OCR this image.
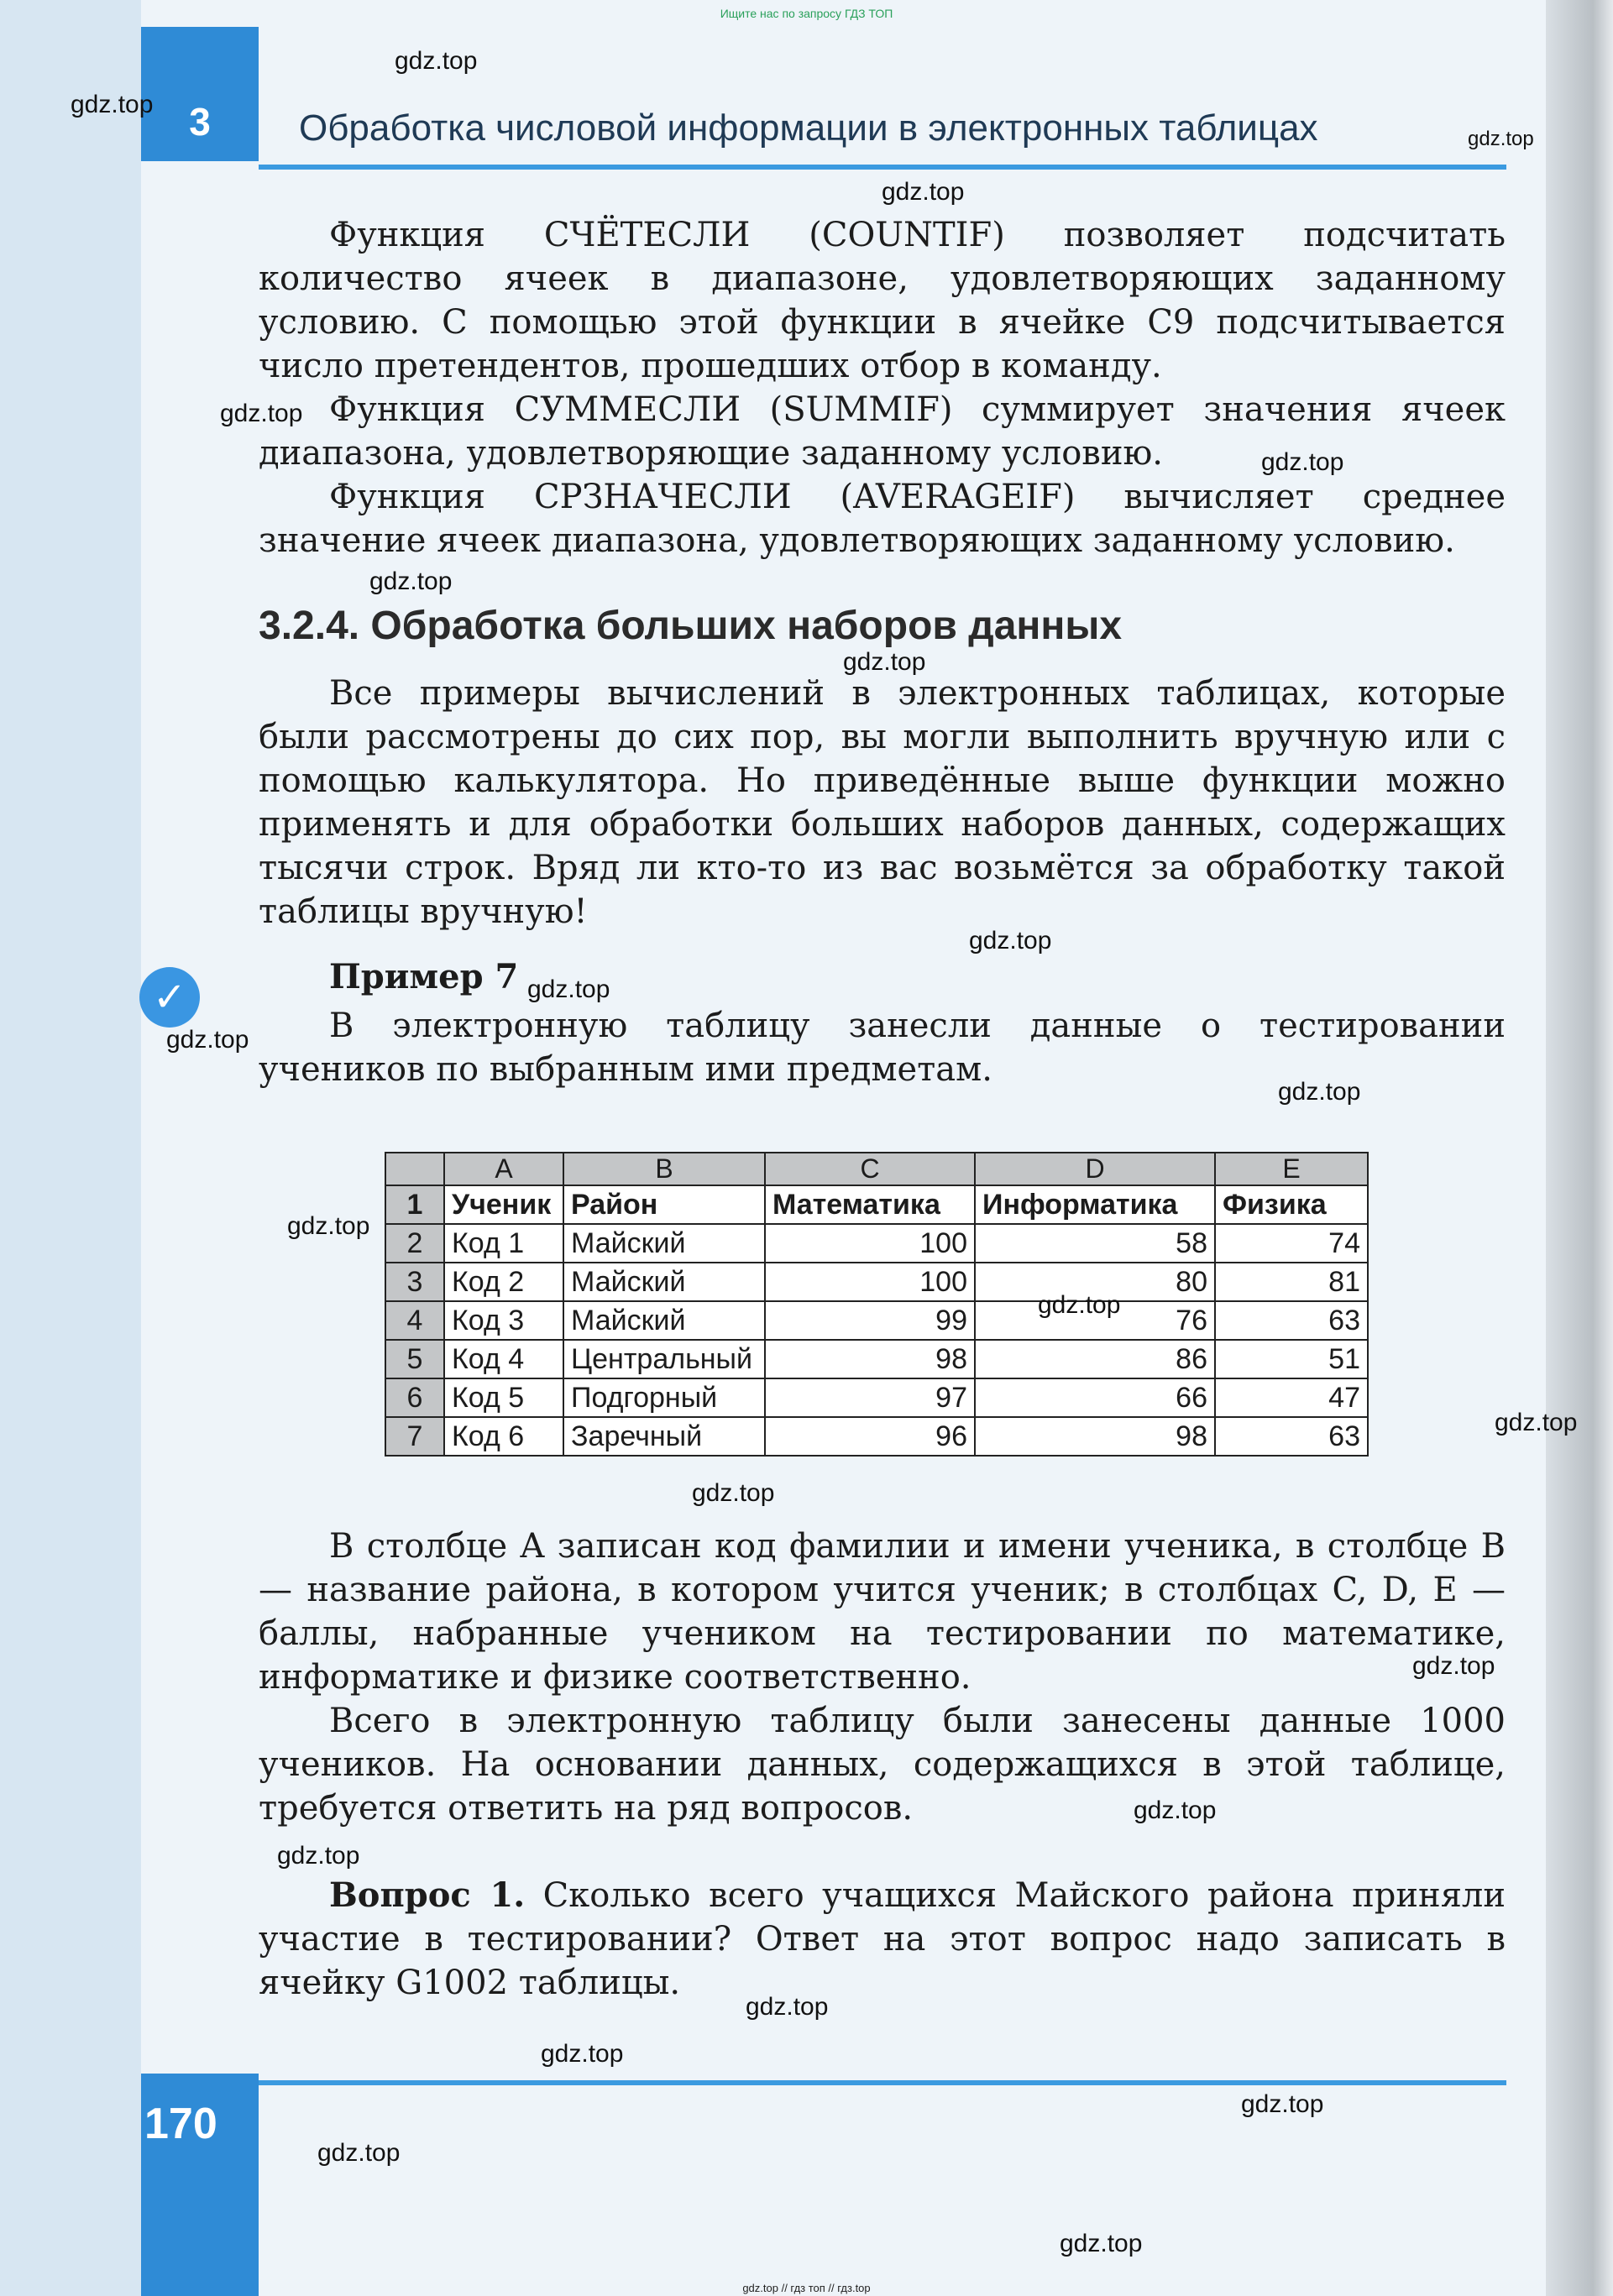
Ищите нас по запросу ГДЗ ТОП
3 Обработка числовой информации в электронных таблицах

Функция СЧЁТЕСЛИ (COUNTIF) позволяет подсчитать количество ячеек в диапазоне, удовлетворяющих заданному условию. С помощью этой функции в ячейке C9 подсчитывается число претендентов, прошедших отбор в команду.

Функция СУММЕСЛИ (SUMMIF) суммирует значения ячеек диапазона, удовлетворяющие заданному условию.

Функция СРЗНАЧЕСЛИ (AVERAGEIF) вычисляет среднее значение ячеек диапазона, удовлетворяющих заданному условию.

3.2.4. Обработка больших наборов данных

Все примеры вычислений в электронных таблицах, которые были рассмотрены до сих пор, вы могли выполнить вручную или с помощью калькулятора. Но приведённые выше функции можно применять и для обработки больших наборов данных, содержащих тысячи строк. Вряд ли кто-то из вас возьмётся за обработку такой таблицы вручную!

✓	Пример 7

В электронную таблицу занесли данные о тестировании учеников по выбранным ими предметам.

	A	B	C	D	E
1	Ученик	Район	Математика	Информатика	Физика
2	Код 1	Майский	100	58	74
3	Код 2	Майский	100	80	81
4	Код 3	Майский	99	76	63
5	Код 4	Центральный	98	86	51
6	Код 5	Подгорный	97	66	47
7	Код 6	Заречный	96	98	63

В столбце A записан код фамилии и имени ученика, в столбце B — название района, в котором учится ученик; в столбцах C, D, E — баллы, набранные учеником на тестировании по математике, информатике и физике соответственно.

Всего в электронную таблицу были занесены данные 1000 учеников. На основании данных, содержащихся в этой таблице, требуется ответить на ряд вопросов.

Вопрос 1. Сколько всего учащихся Майского района приняли участие в тестировании? Ответ на этот вопрос надо записать в ячейку G1002 таблицы.

170
gdz.top
gdz.top
gdz.top
gdz.top
gdz.top
gdz.top
gdz.top
gdz.top
gdz.top
gdz.top
gdz.top
gdz.top
gdz.top
gdz.top
gdz.top
gdz.top
gdz.top
gdz.top
gdz.top
gdz.top
gdz.top
gdz.top
gdz.top
gdz.top
gdz.top // гдз топ // гдз.top
